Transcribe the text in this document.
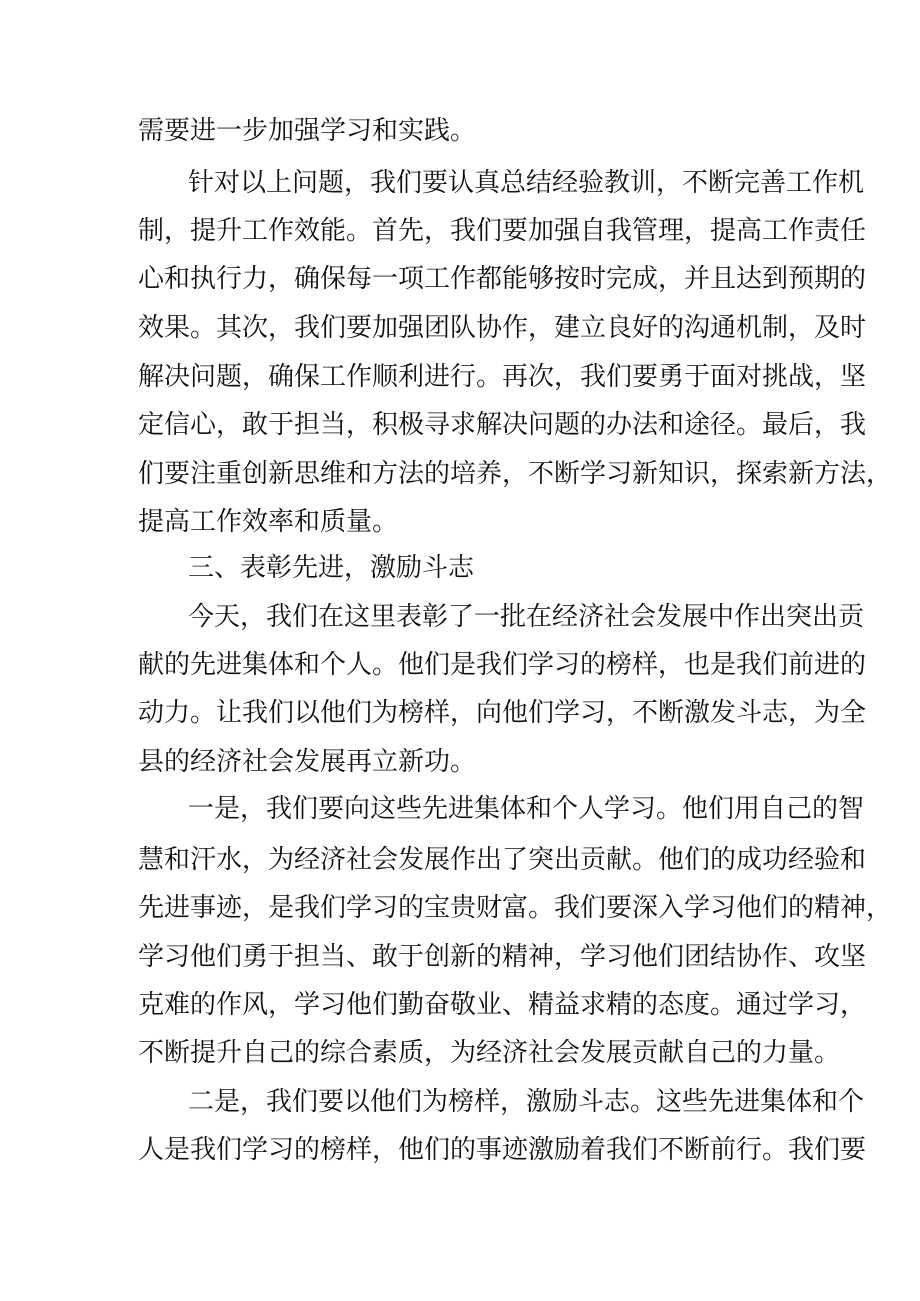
需要进一步加强学习和实践。
针对以上问题，我们要认真总结经验教训，不断完善工作机
制，提升工作效能。首先，我们要加强自我管理，提高工作责任
心和执行力，确保每一项工作都能够按时完成，并且达到预期的
效果。其次，我们要加强团队协作，建立良好的沟通机制，及时
解决问题，确保工作顺利进行。再次，我们要勇于面对挑战，坚
定信心，敢于担当，积极寻求解决问题的办法和途径。最后，我
们要注重创新思维和方法的培养，不断学习新知识，探索新方法，
提高工作效率和质量。
三、表彰先进，激励斗志
今天，我们在这里表彰了一批在经济社会发展中作出突出贡
献的先进集体和个人。他们是我们学习的榜样，也是我们前进的
动力。让我们以他们为榜样，向他们学习，不断激发斗志，为全
县的经济社会发展再立新功。
一是，我们要向这些先进集体和个人学习。他们用自己的智
慧和汗水，为经济社会发展作出了突出贡献。他们的成功经验和
先进事迹，是我们学习的宝贵财富。我们要深入学习他们的精神，
学习他们勇于担当、敢于创新的精神，学习他们团结协作、攻坚
克难的作风，学习他们勤奋敬业、精益求精的态度。通过学习，
不断提升自己的综合素质，为经济社会发展贡献自己的力量。
二是，我们要以他们为榜样，激励斗志。这些先进集体和个
人是我们学习的榜样，他们的事迹激励着我们不断前行。我们要
